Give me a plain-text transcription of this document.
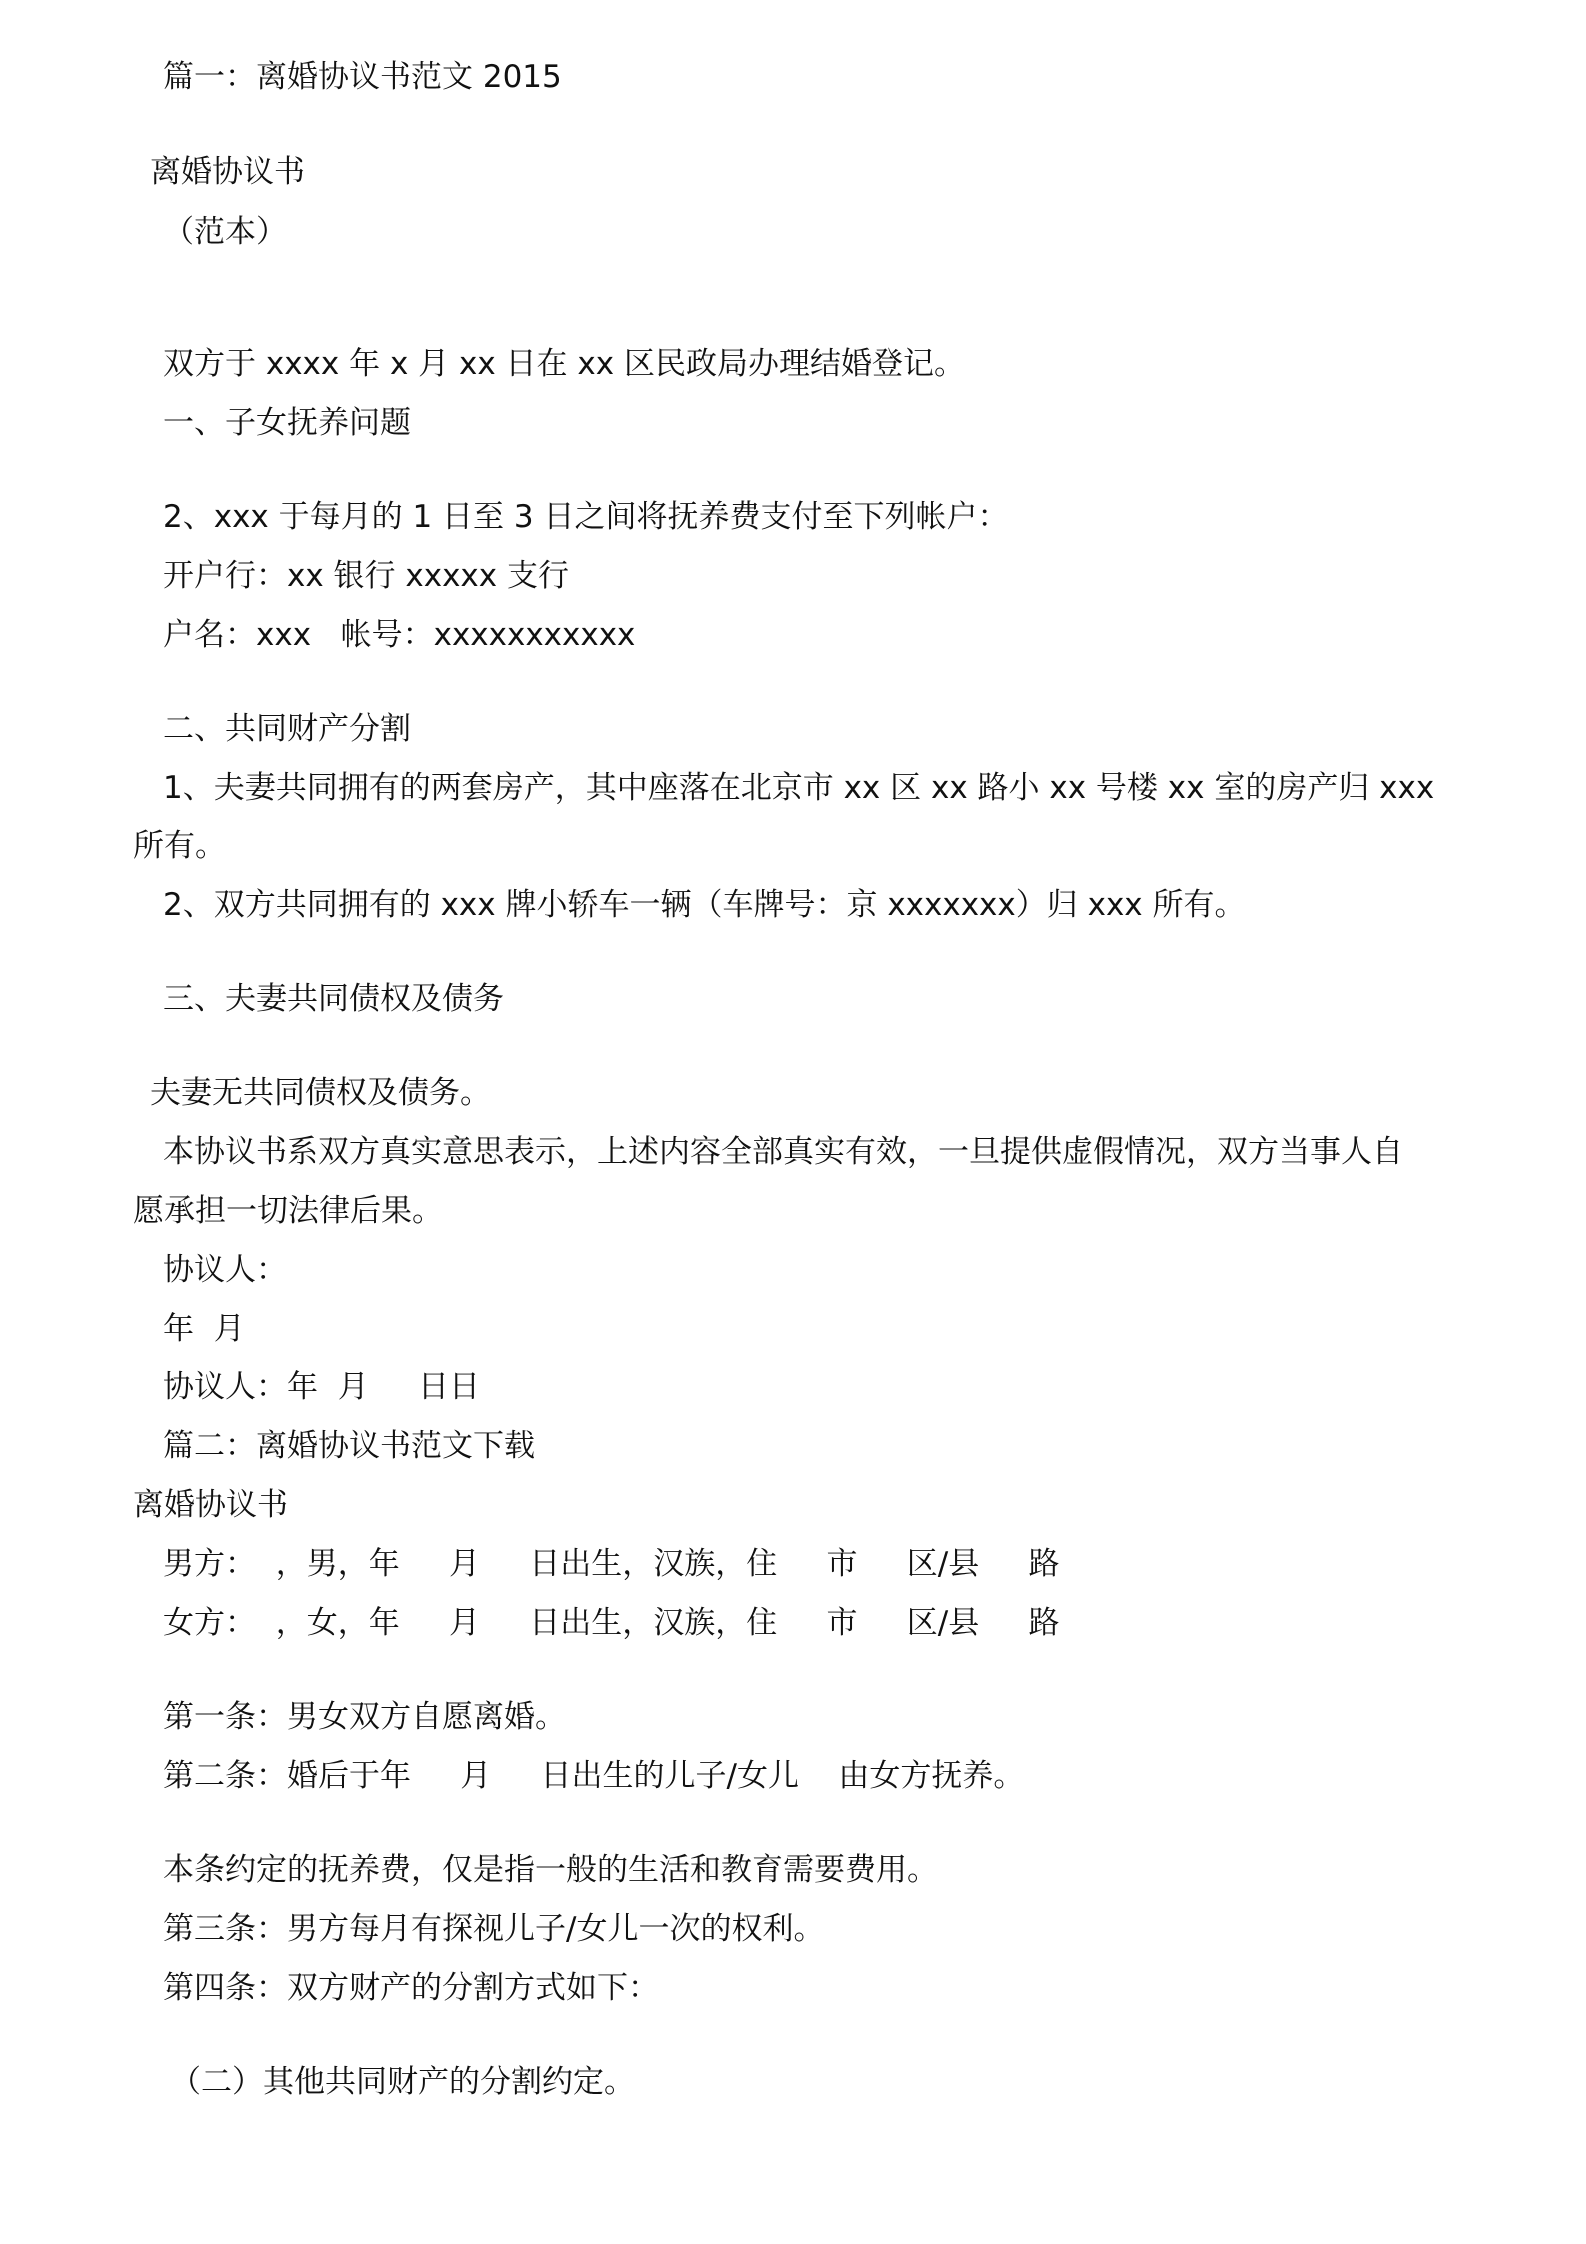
篇一：离婚协议书范文 2015

离婚协议书

（范本）

双方于 xxxx 年 x 月 xx 日在 xx 区民政局办理结婚登记。

一、子女抚养问题

2、xxx 于每月的 1 日至 3 日之间将抚养费支付至下列帐户：

开户行：xx 银行 xxxxx 支行

户名：xxx   帐号：xxxxxxxxxxx

二、共同财产分割

1、夫妻共同拥有的两套房产，其中座落在北京市 xx 区 xx 路小 xx 号楼 xx 室的房产归 xxx

所有。

2、双方共同拥有的 xxx 牌小轿车一辆（车牌号：京 xxxxxxx）归 xxx 所有。

三、夫妻共同债权及债务

夫妻无共同债权及债务。

本协议书系双方真实意思表示，上述内容全部真实有效，一旦提供虚假情况，双方当事人自

愿承担一切法律后果。

协议人：

年  月

协议人：年  月     日日

篇二：离婚协议书范文下载

离婚协议书

男方：  ，男，年     月     日出生，汉族，住     市     区/县     路

女方：  ，女，年     月     日出生，汉族，住     市     区/县     路

第一条：男女双方自愿离婚。

第二条：婚后于年     月     日出生的儿子/女儿    由女方抚养。

本条约定的抚养费，仅是指一般的生活和教育需要费用。

第三条：男方每月有探视儿子/女儿一次的权利。

第四条：双方财产的分割方式如下：

（二）其他共同财产的分割约定。
